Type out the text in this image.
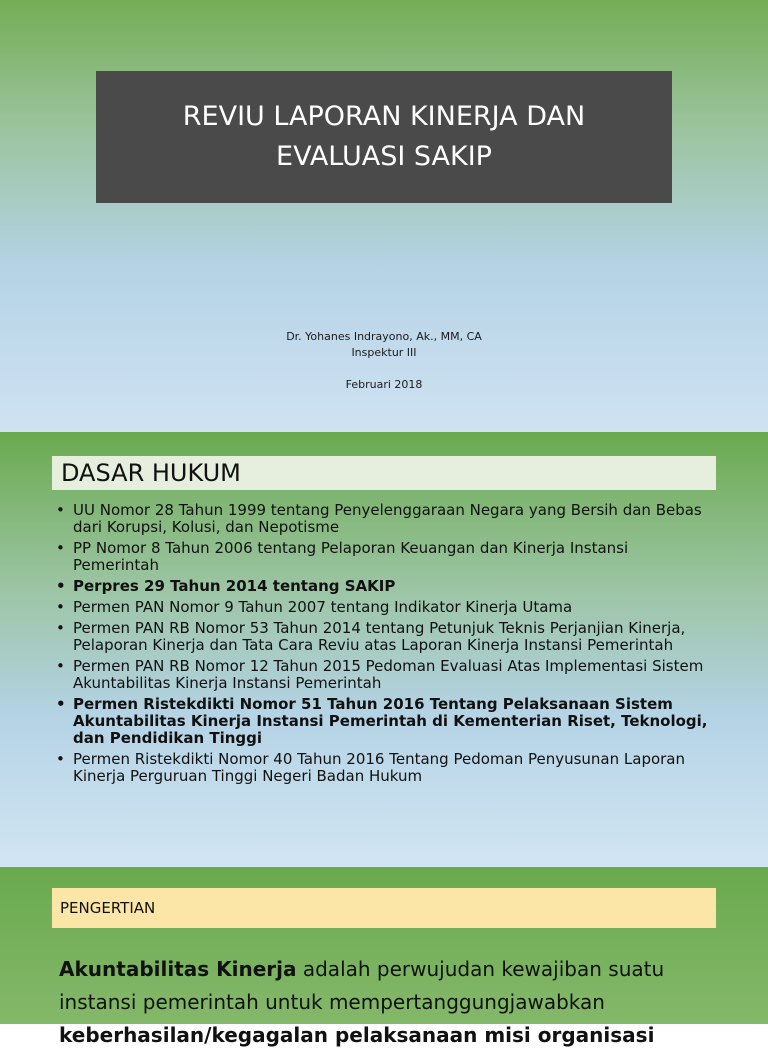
REVIU LAPORAN KINERJA DAN
EVALUASI SAKIP
Dr. Yohanes Indrayono, Ak., MM, CA
Inspektur III
Februari 2018
DASAR HUKUM
• UU Nomor 28 Tahun 1999 tentang Penyelenggaraan Negara yang Bersih dan Bebas dari Korupsi, Kolusi, dan Nepotisme
• PP Nomor 8 Tahun 2006 tentang Pelaporan Keuangan dan Kinerja Instansi Pemerintah
• Perpres 29 Tahun 2014 tentang SAKIP
• Permen PAN Nomor 9 Tahun 2007 tentang Indikator Kinerja Utama
• Permen PAN RB Nomor 53 Tahun 2014 tentang Petunjuk Teknis Perjanjian Kinerja, Pelaporan Kinerja dan Tata Cara Reviu atas Laporan Kinerja Instansi Pemerintah
• Permen PAN RB Nomor 12 Tahun 2015 Pedoman Evaluasi Atas Implementasi Sistem Akuntabilitas Kinerja Instansi Pemerintah
• Permen Ristekdikti Nomor 51 Tahun 2016 Tentang Pelaksanaan Sistem Akuntabilitas Kinerja Instansi Pemerintah di Kementerian Riset, Teknologi, dan Pendidikan Tinggi
• Permen Ristekdikti Nomor 40 Tahun 2016 Tentang Pedoman Penyusunan Laporan Kinerja Perguruan Tinggi Negeri Badan Hukum
PENGERTIAN
Akuntabilitas Kinerja adalah perwujudan kewajiban suatu instansi pemerintah untuk mempertanggungjawabkan
keberhasilan/kegagalan pelaksanaan misi organisasi
